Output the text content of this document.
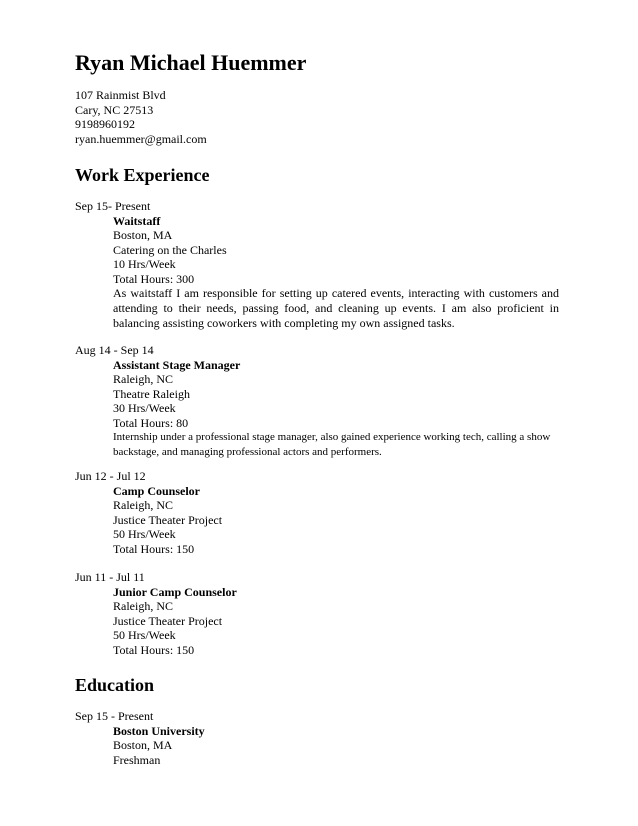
Ryan Michael Huemmer
107 Rainmist Blvd
Cary, NC 27513
9198960192
ryan.huemmer@gmail.com
Work Experience
Sep 15- Present
Waitstaff
Boston, MA
Catering on the Charles
10 Hrs/Week
Total Hours: 300
As waitstaff I am responsible for setting up catered events, interacting with customers and attending to their needs, passing food, and cleaning up events. I am also proficient in balancing assisting coworkers with completing my own assigned tasks.
Aug 14 - Sep 14
Assistant Stage Manager
Raleigh, NC
Theatre Raleigh
30 Hrs/Week
Total Hours: 80
Internship under a professional stage manager, also gained experience working tech, calling a show backstage, and managing professional actors and performers.
Jun 12 - Jul 12
Camp Counselor
Raleigh, NC
Justice Theater Project
50 Hrs/Week
Total Hours: 150
Jun 11 - Jul 11
Junior Camp Counselor
Raleigh, NC
Justice Theater Project
50 Hrs/Week
Total Hours: 150
Education
Sep 15 - Present
Boston University
Boston, MA
Freshman
